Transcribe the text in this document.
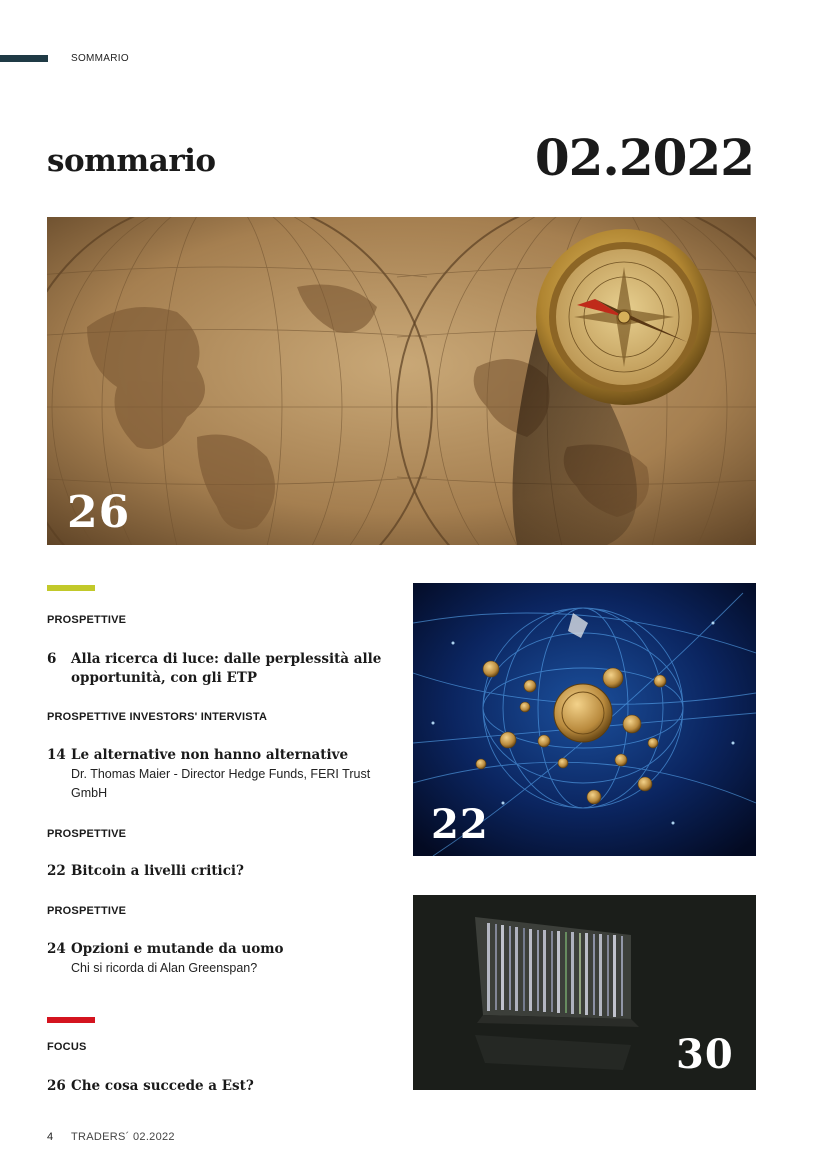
SOMMARIO
sommario	02.2022
26
PROSPETTIVE
6	Alla ricerca di luce: dalle perplessità alle opportunità, con gli ETP
PROSPETTIVE INVESTORS' INTERVISTA
14 Le alternative non hanno alternative
Dr. Thomas Maier - Director Hedge Funds, FERI Trust GmbH
PROSPETTIVE
22 Bitcoin a livelli critici?
PROSPETTIVE
24 Opzioni e mutande da uomo
Chi si ricorda di Alan Greenspan?
FOCUS
26 Che cosa succede a Est?
22
30
4 TRADERS´ 02.2022
